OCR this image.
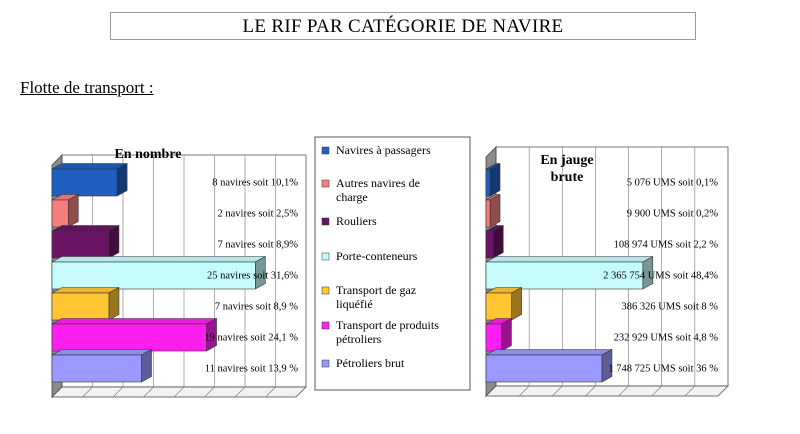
LE RIF PAR CATÉGORIE DE NAVIRE
Flotte de transport :
8 navires soit 10,1%
2 navires soit 2,5%
7 navires soit 8,9%
25 navires soit 31,6%
7 navires soit 8,9 %
19 navires soit 24,1 %
11 navires soit 13,9 %
En nombre
5 076 UMS soit 0,1%
9 900 UMS soit 0,2%
108 974 UMS soit 2,2 %
2 365 754 UMS soit 48,4%
386 326 UMS soit 8 %
232 929 UMS soit 4,8 %
1 748 725 UMS soit 36 %
En jauge
brute
Navires à passagers
Autres navires de
charge
Rouliers
Porte-conteneurs
Transport de gaz
liquéfié
Transport de produits
pétroliers
Pétroliers brut
